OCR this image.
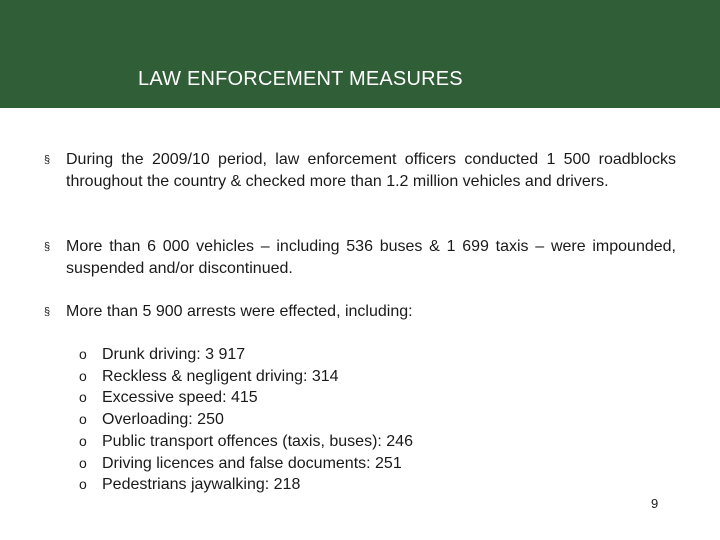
LAW ENFORCEMENT MEASURES
§ During the 2009/10 period, law enforcement officers conducted 1 500 roadblocks throughout the country & checked more than 1.2 million vehicles and drivers.
§ More than 6 000 vehicles – including 536 buses & 1 699 taxis – were impounded, suspended and/or discontinued.
§ More than 5 900 arrests were effected, including:
o Drunk driving: 3 917
o Reckless & negligent driving: 314
o Excessive speed: 415
o Overloading: 250
o Public transport offences (taxis, buses): 246
o Driving licences and false documents: 251
o Pedestrians jaywalking: 218
9
